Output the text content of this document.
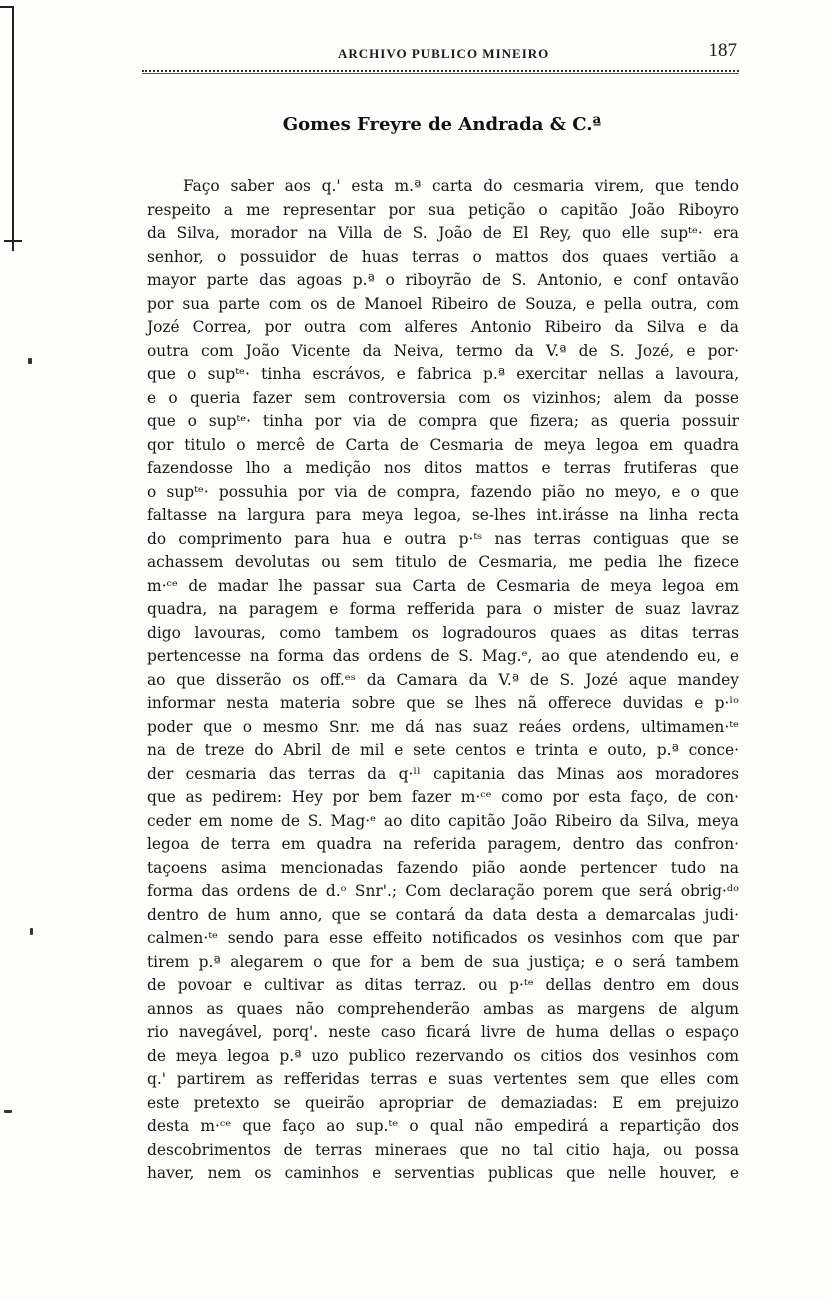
ARCHIVO PUBLICO MINEIRO	187
Gomes Freyre de Andrada & C.ª
Faço saber aos q.' esta m.ª carta do cesmaria virem, que tendo
respeito a me representar por sua petição o capitão João Riboyro
da Silva, morador na Villa de S. João de El Rey, quo elle supᵗᵉ· era
senhor, o possuidor de huas terras o mattos dos quaes vertião a
mayor parte das agoas p.ª o riboyrão de S. Antonio, e conf ontavão
por sua parte com os de Manoel Ribeiro de Souza, e pella outra, com
Jozé Correa, por outra com alferes Antonio Ribeiro da Silva e da
outra com João Vicente da Neiva, termo da V.ª de S. Jozé, e por·
que o supᵗᵉ· tinha escrávos, e fabrica p.ª exercitar nellas a lavoura,
e o queria fazer sem controversia com os vizinhos; alem da posse
que o supᵗᵉ· tinha por via de compra que fizera; as queria possuir
qor titulo o mercê de Carta de Cesmaria de meya legoa em quadra
fazendosse lho a medição nos ditos mattos e terras frutiferas que
o supᵗᵉ· possuhia por via de compra, fazendo pião no meyo, e o que
faltasse na largura para meya legoa, se-lhes int.irásse na linha recta
do comprimento para hua e outra p·ᵗˢ nas terras contiguas que se
achassem devolutas ou sem titulo de Cesmaria, me pedia lhe fizece
m·ᶜᵉ de madar lhe passar sua Carta de Cesmaria de meya legoa em
quadra, na paragem e forma refferida para o mister de suaz lavraz
digo lavouras, como tambem os logradouros quaes as ditas terras
pertencesse na forma das ordens de S. Mag.ᵉ, ao que atendendo eu, e
ao que disserão os off.ᵉˢ da Camara da V.ª de S. Jozé aque mandey
informar nesta materia sobre que se lhes nã offerece duvidas e p·ˡᵒ
poder que o mesmo Snr. me dá nas suaz reáes ordens, ultimamen·ᵗᵉ
na de treze do Abril de mil e sete centos e trinta e outo, p.ª conce·
der cesmaria das terras da q·ˡˡ capitania das Minas aos moradores
que as pedirem: Hey por bem fazer m·ᶜᵉ como por esta faço, de con·
ceder em nome de S. Mag·ᵉ ao dito capitão João Ribeiro da Silva, meya
legoa de terra em quadra na referida paragem, dentro das confron·
taçoens asima mencionadas fazendo pião aonde pertencer tudo na
forma das ordens de d.ᵒ Snr'.; Com declaração porem que será obrig·ᵈᵒ
dentro de hum anno, que se contará da data desta a demarcalas judi·
calmen·ᵗᵉ sendo para esse effeito notificados os vesinhos com que par
tirem p.ª alegarem o que for a bem de sua justiça; e o será tambem
de povoar e cultivar as ditas terraz. ou p·ᵗᵉ dellas dentro em dous
annos as quaes não comprehenderão ambas as margens de algum
rio navegável, porq'. neste caso ficará livre de huma dellas o espaço
de meya legoa p.ª uzo publico rezervando os citios dos vesinhos com
q.' partirem as refferidas terras e suas vertentes sem que elles com
este pretexto se queirão apropriar de demaziadas: E em prejuizo
desta m·ᶜᵉ que faço ao sup.ᵗᵉ o qual não empedirá a repartição dos
descobrimentos de terras mineraes que no tal citio haja, ou possa
haver, nem os caminhos e serventias publicas que nelle houver, e
